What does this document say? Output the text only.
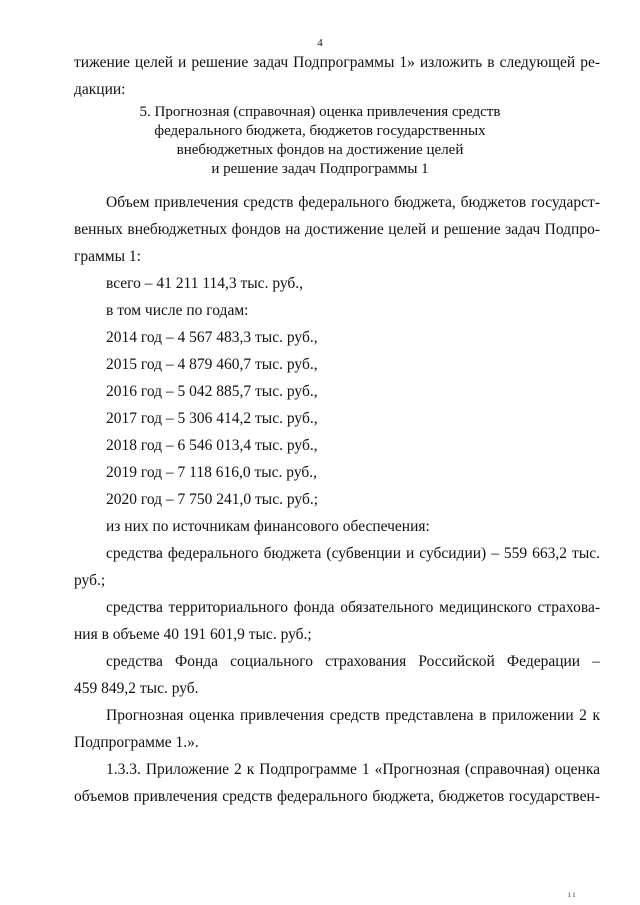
4
тижение целей и решение задач Подпрограммы 1» изложить в следующей ре-
дакции:
5. Прогнозная (справочная) оценка привлечения средств
федерального бюджета, бюджетов государственных
внебюджетных фондов на достижение целей
и решение задач Подпрограммы 1
Объем привлечения средств федерального бюджета, бюджетов государст-
венных внебюджетных фондов на достижение целей и решение задач Подпро-
граммы 1:
всего – 41 211 114,3 тыс. руб.,
в том числе по годам:
2014 год – 4 567 483,3 тыс. руб.,
2015 год – 4 879 460,7 тыс. руб.,
2016 год – 5 042 885,7 тыс. руб.,
2017 год – 5 306 414,2 тыс. руб.,
2018 год – 6 546 013,4 тыс. руб.,
2019 год – 7 118 616,0 тыс. руб.,
2020 год – 7 750 241,0 тыс. руб.;
из них по источникам финансового обеспечения:
средства федерального бюджета (субвенции и субсидии) – 559 663,2 тыс.
руб.;
средства территориального фонда обязательного медицинского страхова-
ния в объеме 40 191 601,9 тыс. руб.;
средства Фонда социального страхования Российской Федерации –
459 849,2 тыс. руб.
Прогнозная оценка привлечения средств представлена в приложении 2 к
Подпрограмме 1.».
1.3.3. Приложение 2 к Подпрограмме 1 «Прогнозная (справочная) оценка
объемов привлечения средств федерального бюджета, бюджетов государствен-
ı ı
